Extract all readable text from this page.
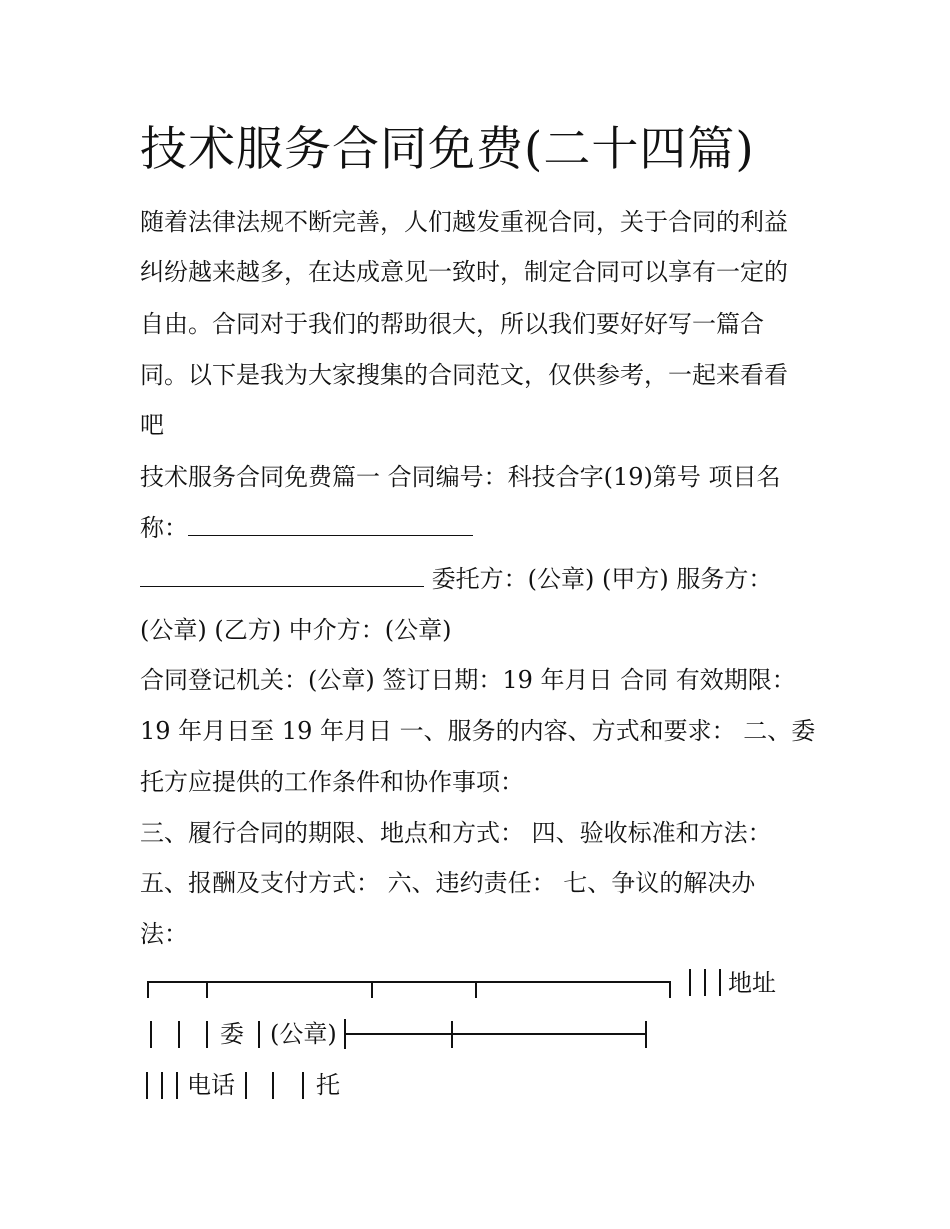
技术服务合同免费(二十四篇)
随着法律法规不断完善，人们越发重视合同，关于合同的利益
纠纷越来越多，在达成意见一致时，制定合同可以享有一定的
自由。合同对于我们的帮助很大，所以我们要好好写一篇合
同。以下是我为大家搜集的合同范文，仅供参考，一起来看看
吧
技术服务合同免费篇一 合同编号：科技合字(19)第号 项目名
称：
委托方：(公章) (甲方) 服务方：
(公章) (乙方) 中介方：(公章)
合同登记机关：(公章) 签订日期：19 年月日 合同 有效期限：
19 年月日至 19 年月日 一、服务的内容、方式和要求： 二、委
托方应提供的工作条件和协作事项：
三、履行合同的期限、地点和方式： 四、验收标准和方法：
五、报酬及支付方式： 六、违约责任： 七、争议的解决办
法：
地址
委 (公章)
电话	托
